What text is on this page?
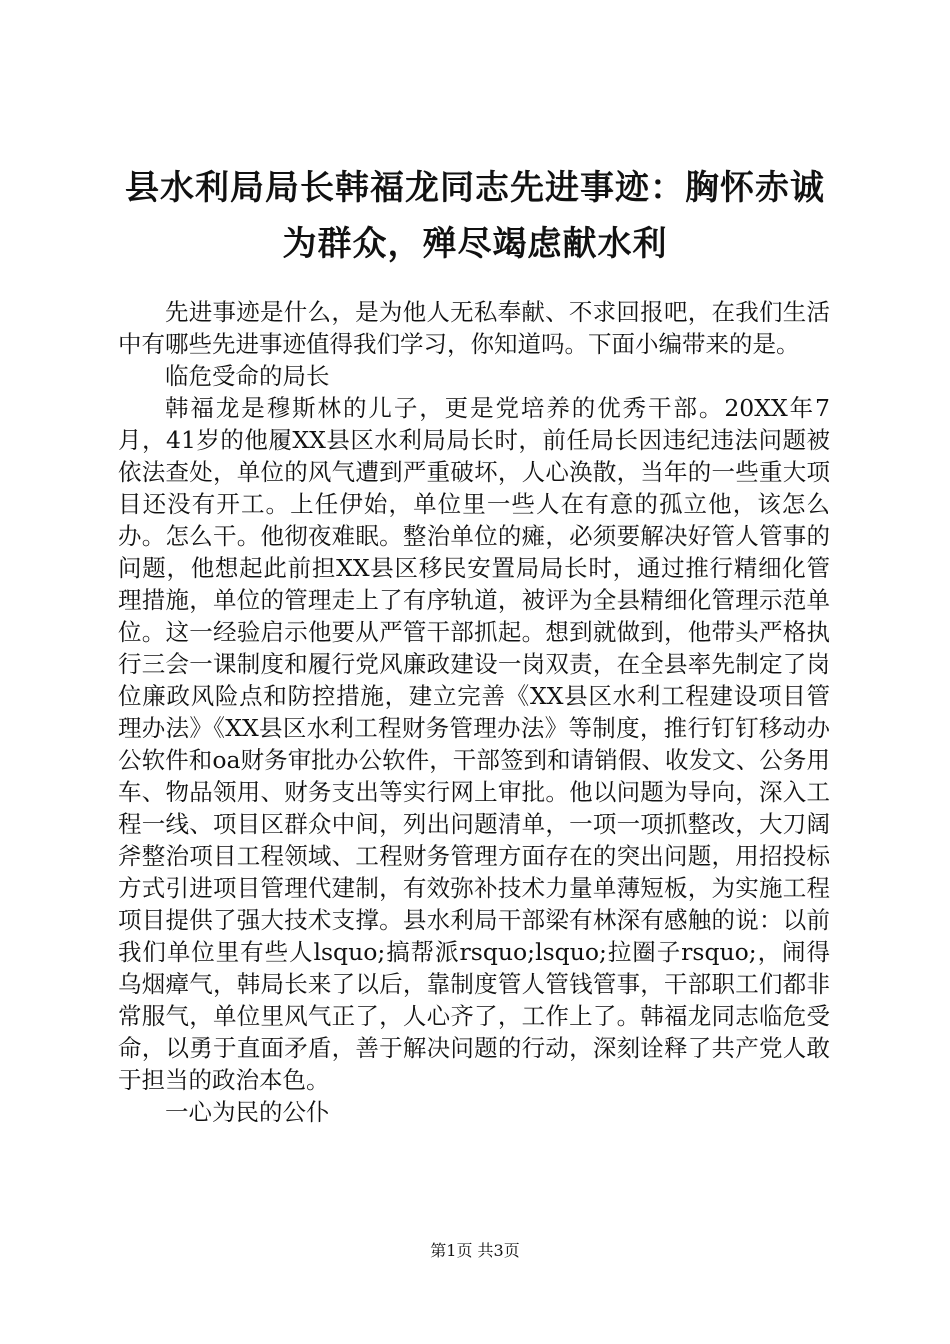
县水利局局长韩福龙同志先进事迹：胸怀赤诚
为群众，殚尽竭虑献水利

先进事迹是什么，是为他人无私奉献、不求回报吧，在我们生活中有哪些先进事迹值得我们学习，你知道吗。下面小编带来的是。

临危受命的局长

韩福龙是穆斯林的儿子，更是党培养的优秀干部。20XX年7月，41岁的他履XX县区水利局局长时，前任局长因违纪违法问题被依法查处，单位的风气遭到严重破坏，人心涣散，当年的一些重大项目还没有开工。上任伊始，单位里一些人在有意的孤立他，该怎么办。怎么干。他彻夜难眠。整治单位的瘫，必须要解决好管人管事的问题，他想起此前担XX县区移民安置局局长时，通过推行精细化管理措施，单位的管理走上了有序轨道，被评为全县精细化管理示范单位。这一经验启示他要从严管干部抓起。想到就做到，他带头严格执行三会一课制度和履行党风廉政建设一岗双责，在全县率先制定了岗位廉政风险点和防控措施，建立完善《XX县区水利工程建设项目管理办法》《XX县区水利工程财务管理办法》等制度，推行钉钉移动办公软件和oa财务审批办公软件，干部签到和请销假、收发文、公务用车、物品领用、财务支出等实行网上审批。他以问题为导向，深入工程一线、项目区群众中间，列出问题清单，一项一项抓整改，大刀阔斧整治项目工程领域、工程财务管理方面存在的突出问题，用招投标方式引进项目管理代建制，有效弥补技术力量单薄短板，为实施工程项目提供了强大技术支撑。县水利局干部梁有林深有感触的说：以前我们单位里有些人lsquo;搞帮派rsquo;lsquo;拉圈子rsquo;，闹得乌烟瘴气，韩局长来了以后，靠制度管人管钱管事，干部职工们都非常服气，单位里风气正了，人心齐了，工作上了。韩福龙同志临危受命，以勇于直面矛盾，善于解决问题的行动，深刻诠释了共产党人敢于担当的政治本色。

一心为民的公仆

第1页 共3页
